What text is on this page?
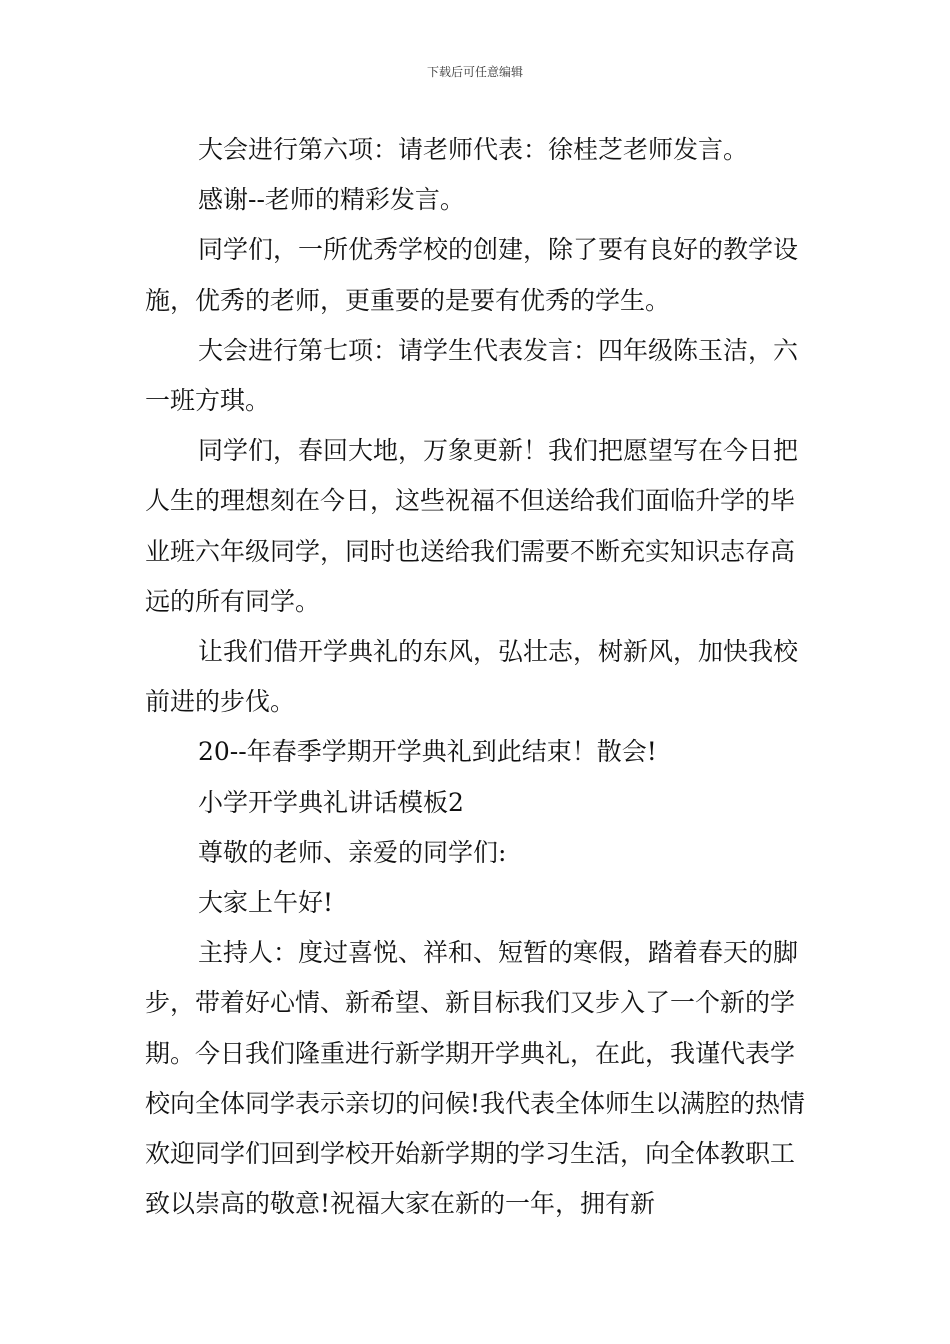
下载后可任意编辑

大会进行第六项：请老师代表：徐桂芝老师发言。

感谢--老师的精彩发言。

同学们，一所优秀学校的创建，除了要有良好的教学设施，优秀的老师，更重要的是要有优秀的学生。

大会进行第七项：请学生代表发言：四年级陈玉洁，六一班方琪。

同学们，春回大地，万象更新！我们把愿望写在今日把人生的理想刻在今日，这些祝福不但送给我们面临升学的毕业班六年级同学，同时也送给我们需要不断充实知识志存高远的所有同学。

让我们借开学典礼的东风，弘壮志，树新风，加快我校前进的步伐。

20--年春季学期开学典礼到此结束！散会!

小学开学典礼讲话模板2

尊敬的老师、亲爱的同学们:

大家上午好!

主持人：度过喜悦、祥和、短暂的寒假，踏着春天的脚步，带着好心情、新希望、新目标我们又步入了一个新的学期。今日我们隆重进行新学期开学典礼，在此，我谨代表学校向全体同学表示亲切的问候!我代表全体师生以满腔的热情欢迎同学们回到学校开始新学期的学习生活，向全体教职工致以崇高的敬意!祝福大家在新的一年，拥有新
